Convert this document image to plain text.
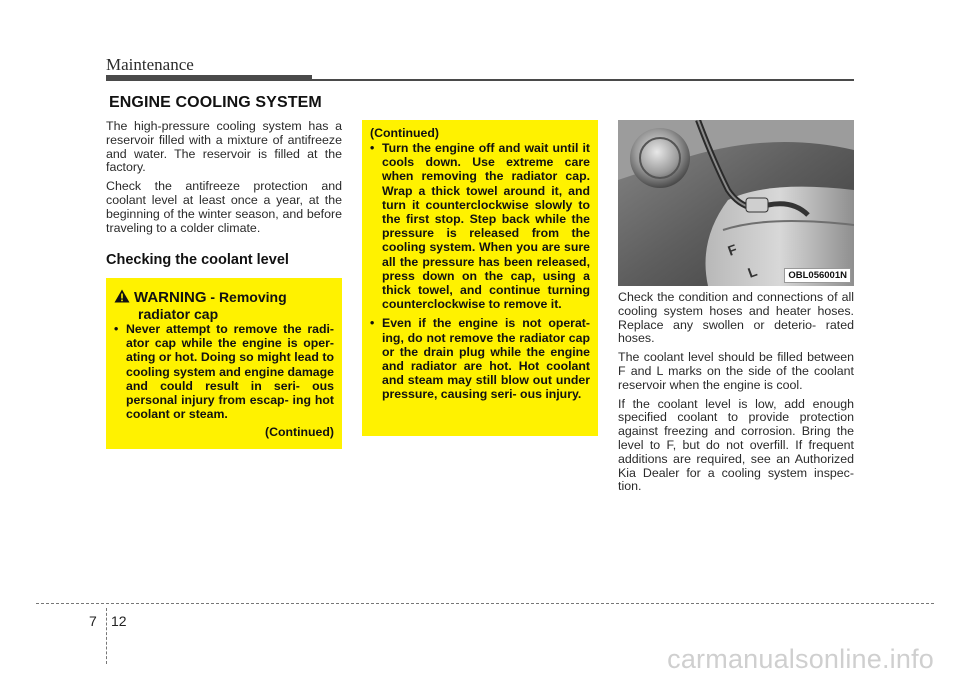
Maintenance
ENGINE COOLING SYSTEM

The high-pressure cooling system has a reservoir filled with a mixture of antifreeze and water. The reservoir is filled at the factory.

Check the antifreeze protection and coolant level at least once a year, at the beginning of the winter season, and before traveling to a colder climate.

Checking the coolant level
WARNING - Removing
radiator cap
• Never attempt to remove the radi- ator cap while the engine is oper- ating or hot. Doing so might lead to cooling system and engine damage and could result in seri- ous personal injury from escap- ing hot coolant or steam.
(Continued)
(Continued)
• Turn the engine off and wait until it cools down. Use extreme care when removing the radiator cap. Wrap a thick towel around it, and turn it counterclockwise slowly to the first stop. Step back while the pressure is released from the cooling system. When you are sure all the pressure has been released, press down on the cap, using a thick towel, and continue turning counterclockwise to remove it.
• Even if the engine is not operat- ing, do not remove the radiator cap or the drain plug while the engine and radiator are hot. Hot coolant and steam may still blow out under pressure, causing seri- ous injury.
F
L	OBL056001N

Check the condition and connections of all cooling system hoses and heater hoses. Replace any swollen or deterio- rated hoses.

The coolant level should be filled between F and L marks on the side of the coolant reservoir when the engine is cool.

If the coolant level is low, add enough specified coolant to provide protection against freezing and corrosion. Bring the level to F, but do not overfill. If frequent additions are required, see an Authorized Kia Dealer for a cooling system inspec- tion.

7 12
carmanualsonline.info
